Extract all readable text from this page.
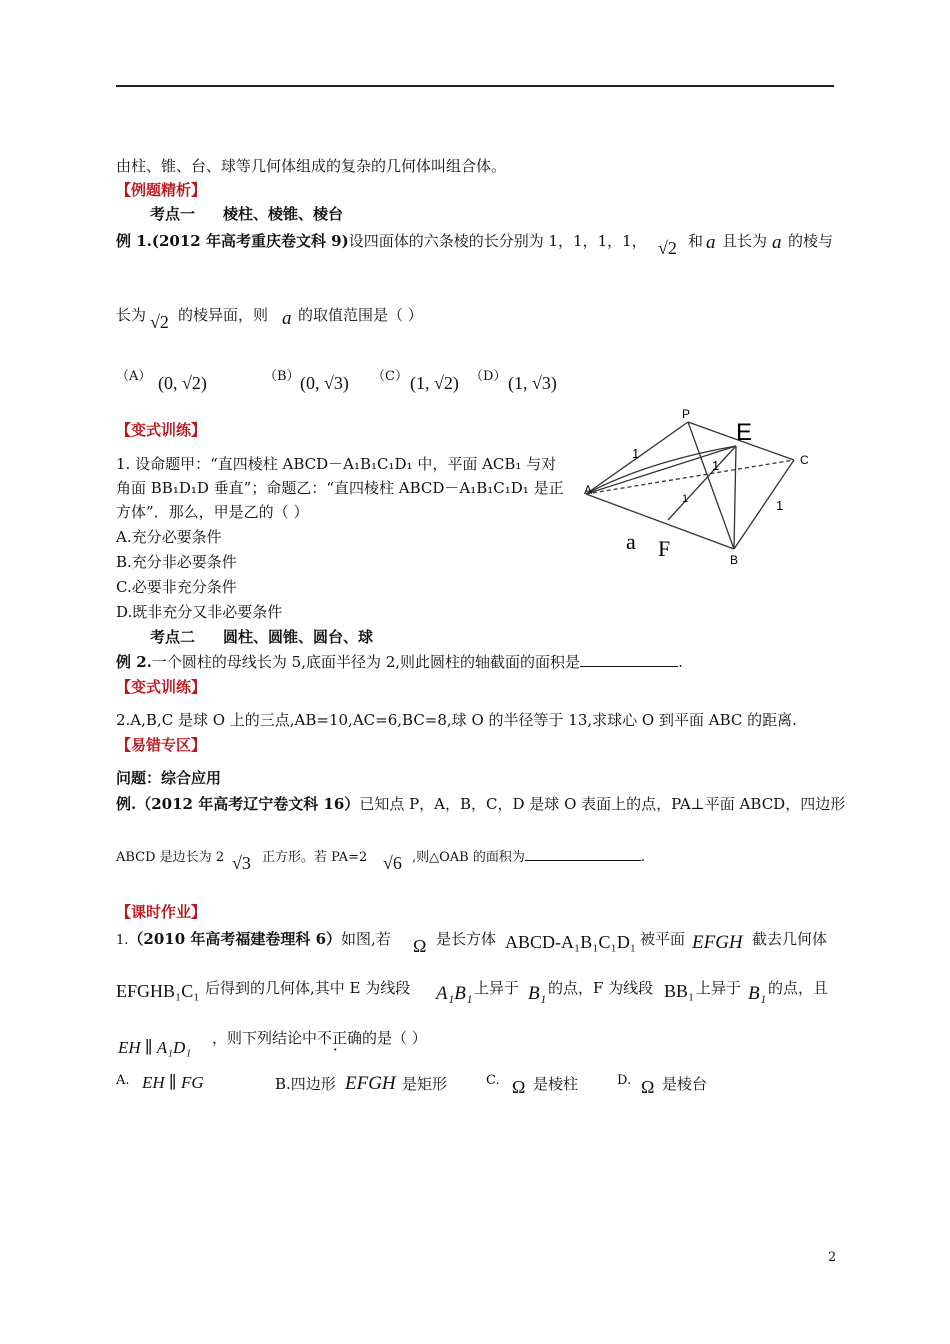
由柱、锥、台、球等几何体组成的复杂的几何体叫组合体。
【例题精析】
考点一 棱柱、棱锥、棱台
例 1.(2012 年高考重庆卷文科 9)设四面体的六条棱的长分别为 1，1，1，1， √2 和 a 且长为 a 的棱与
长为 √2 的棱异面，则 a 的取值范围是（ ）
（A） (0, √2)	（B） (0, √3) （C） (1, √2) （D） (1, √3)
【变式训练】
1. 设命题甲：“直四棱柱 ABCD－A₁B₁C₁D₁ 中，平面 ACB₁ 与对
角面 BB₁D₁D 垂直”；命题乙：“直四棱柱 ABCD－A₁B₁C₁D₁ 是正
方体”．那么，甲是乙的（ ）
A.充分必要条件
B.充分非必要条件
C.必要非充分条件
D.既非充分又非必要条件
P
E
C
A
B
F
a
1
1
1	1
考点二 圆柱、圆锥、圆台、球
例 2.一个圆柱的母线长为 5,底面半径为 2,则此圆柱的轴截面的面积是	.
【变式训练】
2.A,B,C 是球 O 上的三点,AB=10,AC=6,BC=8,球 O 的半径等于 13,求球心 O 到平面 ABC 的距离.
【易错专区】
问题：综合应用
例.（2012 年高考辽宁卷文科 16）已知点 P，A，B，C，D 是球 O 表面上的点，PA⊥平面 ABCD，四边形
ABCD 是边长为 2 √3 正方形。若 PA=2 √6 ,则△OAB 的面积为	.
【课时作业】
1.（2010 年高考福建卷理科 6）如图,若 Ω 是长方体 ABCD-A₁B₁C₁D₁ 被平面 EFGH 截去几何体
EFGHB₁C₁ 后得到的几何体,其中 E 为线段 A₁B₁ 上异于 B₁ 的点，F 为线段 BB₁ 上异于 B₁ 的点，且
EH ∥ A₁D₁ ，则下列结论中不正确的是（ ）
A. EH ∥ FG	B.四边形 EFGH 是矩形	C. Ω 是棱柱	D. Ω 是棱台
2
